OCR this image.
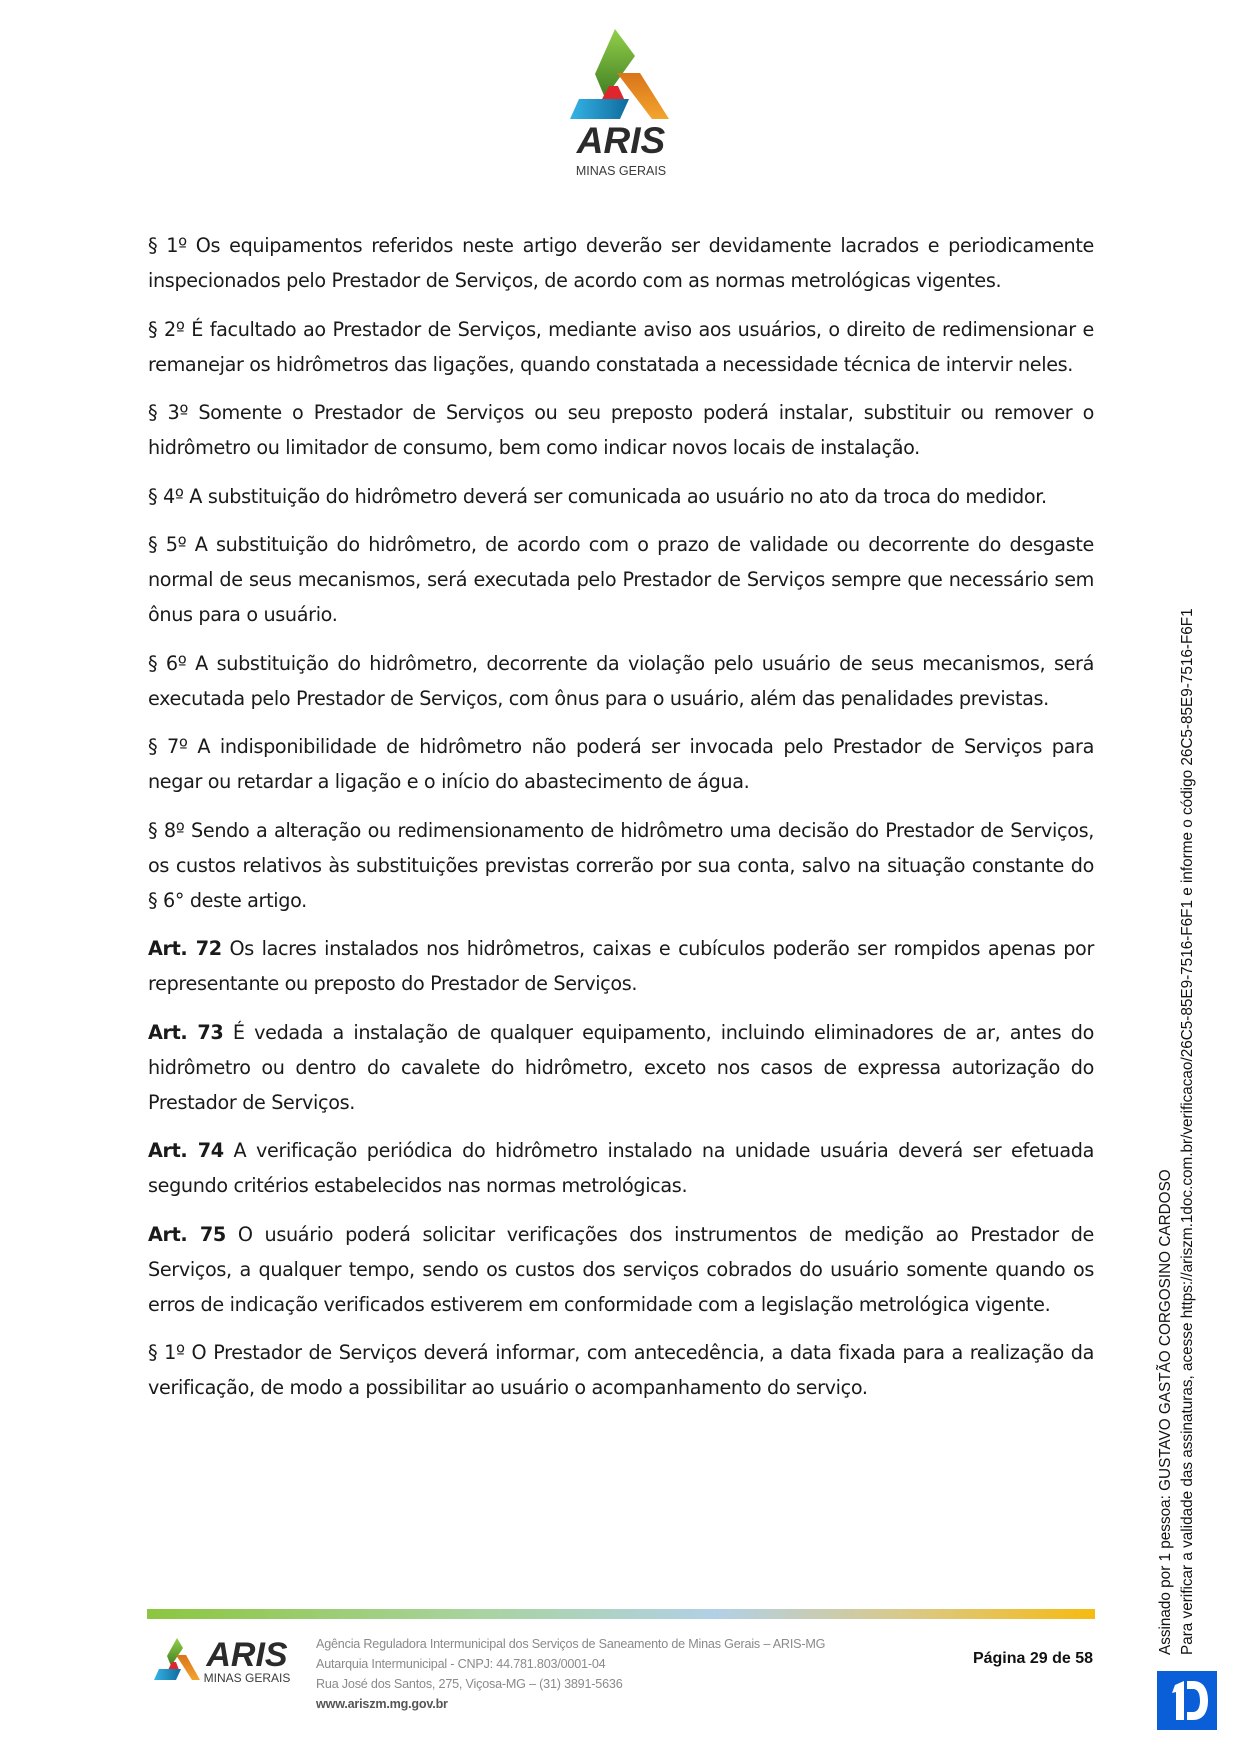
ARIS
MINAS GERAIS

§ 1º Os equipamentos referidos neste artigo deverão ser devidamente lacrados e periodicamente inspecionados pelo Prestador de Serviços, de acordo com as normas metrológicas vigentes.

§ 2º É facultado ao Prestador de Serviços, mediante aviso aos usuários, o direito de redimensionar e remanejar os hidrômetros das ligações, quando constatada a necessidade técnica de intervir neles.

§ 3º Somente o Prestador de Serviços ou seu preposto poderá instalar, substituir ou remover o hidrômetro ou limitador de consumo, bem como indicar novos locais de instalação.

§ 4º A substituição do hidrômetro deverá ser comunicada ao usuário no ato da troca do medidor.

§ 5º A substituição do hidrômetro, de acordo com o prazo de validade ou decorrente do desgaste normal de seus mecanismos, será executada pelo Prestador de Serviços sempre que necessário sem ônus para o usuário.

§ 6º A substituição do hidrômetro, decorrente da violação pelo usuário de seus mecanismos, será executada pelo Prestador de Serviços, com ônus para o usuário, além das penalidades previstas.

§ 7º A indisponibilidade de hidrômetro não poderá ser invocada pelo Prestador de Serviços para negar ou retardar a ligação e o início do abastecimento de água.

§ 8º Sendo a alteração ou redimensionamento de hidrômetro uma decisão do Prestador de Serviços, os custos relativos às substituições previstas correrão por sua conta, salvo na situação constante do § 6° deste artigo.

Art. 72 Os lacres instalados nos hidrômetros, caixas e cubículos poderão ser rompidos apenas por representante ou preposto do Prestador de Serviços.

Art. 73 É vedada a instalação de qualquer equipamento, incluindo eliminadores de ar, antes do hidrômetro ou dentro do cavalete do hidrômetro, exceto nos casos de expressa autorização do Prestador de Serviços.

Art. 74 A verificação periódica do hidrômetro instalado na unidade usuária deverá ser efetuada segundo critérios estabelecidos nas normas metrológicas.

Art. 75 O usuário poderá solicitar verificações dos instrumentos de medição ao Prestador de Serviços, a qualquer tempo, sendo os custos dos serviços cobrados do usuário somente quando os erros de indicação verificados estiverem em conformidade com a legislação metrológica vigente.

§ 1º O Prestador de Serviços deverá informar, com antecedência, a data fixada para a realização da verificação, de modo a possibilitar ao usuário o acompanhamento do serviço.

ARIS
MINAS GERAIS
Agência Reguladora Intermunicipal dos Serviços de Saneamento de Minas Gerais – ARIS-MG
Autarquia Intermunicipal - CNPJ: 44.781.803/0001-04
Rua José dos Santos, 275, Viçosa-MG – (31) 3891-5636
www.ariszm.mg.gov.br
Página 29 de 58
Assinado por 1 pessoa: GUSTAVO GASTÃO CORGOSINO CARDOSO Para verificar a validade das assinaturas, acesse https://ariszm.1doc.com.br/verificacao/26C5-85E9-7516-F6F1 e informe o código 26C5-85E9-7516-F6F1
